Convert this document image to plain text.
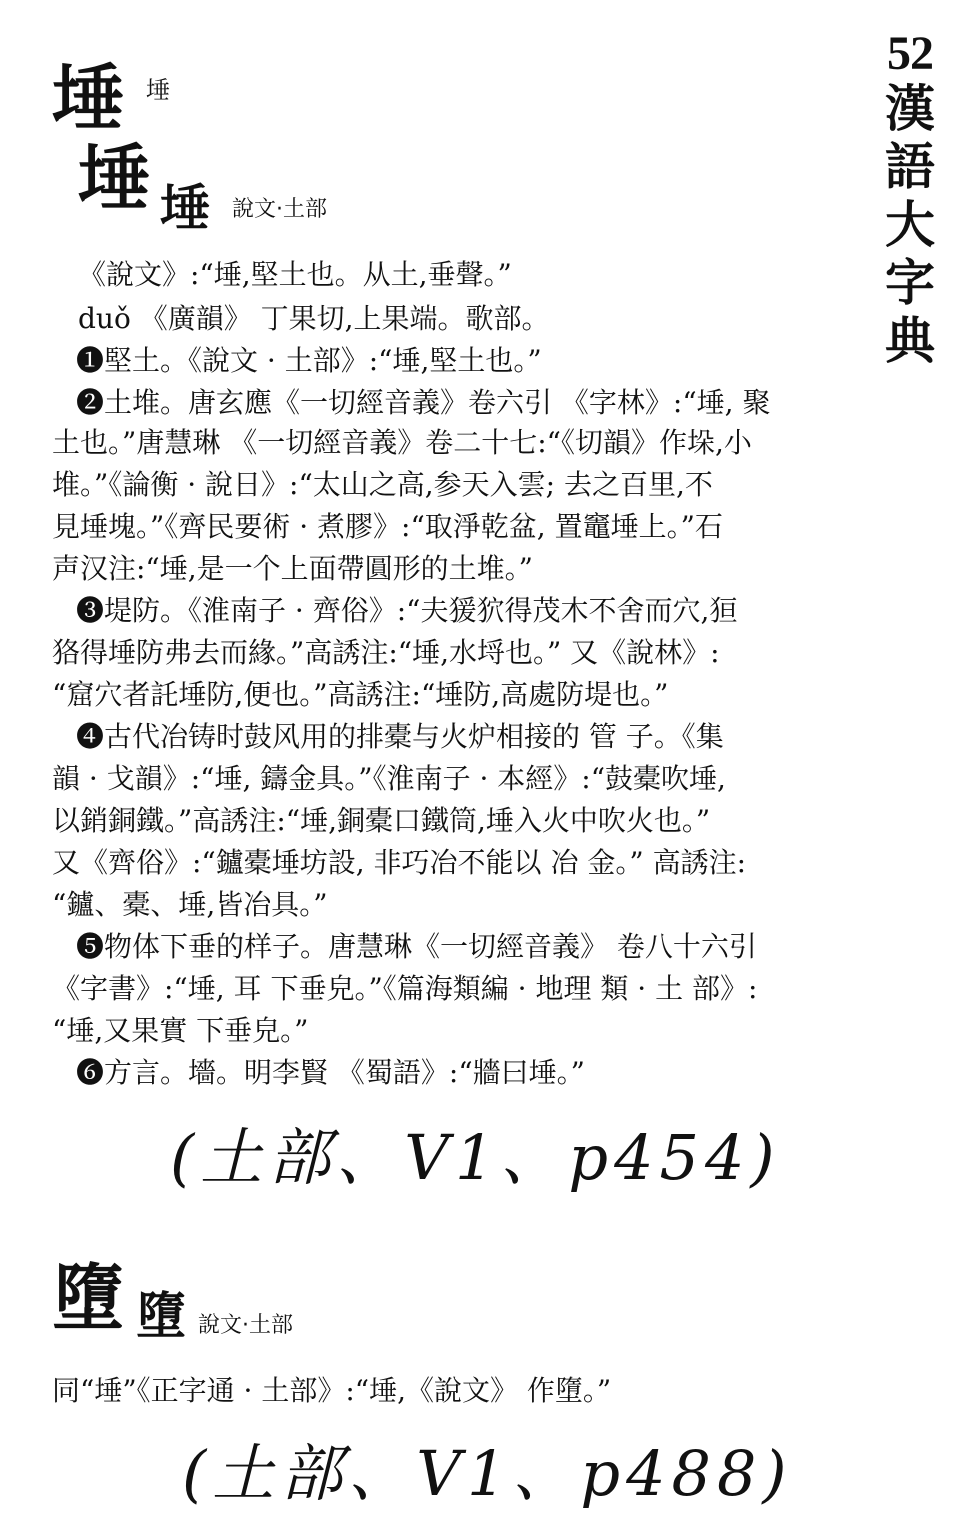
52
漢
語
大
字
典
埵 埵
埵 埵 說文·土部
《說文》:“埵,堅土也。从土,垂聲。”
duǒ 《廣韻》 丁果切,上果端。歌部。
❶堅土。《說文 · 土部》:“埵,堅土也。”
❷土堆。唐玄應《一切經音義》卷六引 《字林》:“埵, 聚
土也。”唐慧琳 《一切經音義》卷二十七:“《切韻》作垛,小
堆。”《論衡 · 說日》:“太山之高,参天入雲; 去之百里,不
見埵塊。”《齊民要術 · 煮膠》:“取淨乾盆, 置竈埵上。”石
声汉注:“埵,是一个上面帶圓形的土堆。”
❸堤防。《淮南子 · 齊俗》:“夫猨狖得茂木不舍而穴,狟
狢得埵防弗去而緣。”高誘注:“埵,水埒也。” 又《說林》:
“窟穴者託埵防,便也。”高誘注:“埵防,高處防堤也。”
❹古代冶铸时鼓风用的排橐与火炉相接的 管 子。《集
韻 · 戈韻》:“埵, 鑄金具。”《淮南子 · 本經》:“鼓橐吹埵,
以銷銅鐵。”高誘注:“埵,銅橐口鐵筒,埵入火中吹火也。”
又《齊俗》:“鑪橐埵坊設, 非巧冶不能以 冶 金。” 高誘注:
“鑪、橐、埵,皆冶具。”
❺物体下垂的样子。唐慧琳《一切經音義》 卷八十六引
《字書》:“埵, 耳 下垂皃。”《篇海類編 · 地理 類 · 土 部》:
“埵,又果實 下垂皃。”
❻方言。墻。明李賢 《蜀語》:“牆曰埵。”
(土部、V1、p454)
墮 墮 說文·土部
同“埵”《正字通 · 土部》:“埵,《說文》 作墮。”
(土部、V1、p488)
